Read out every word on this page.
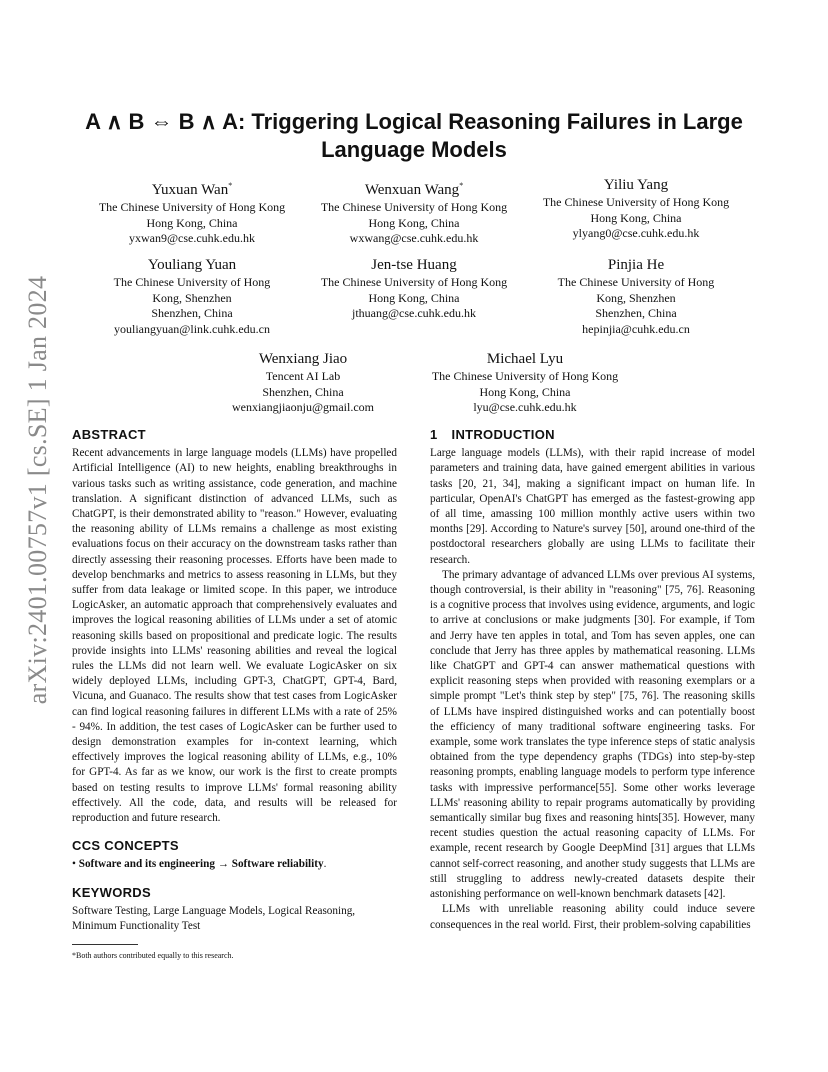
arXiv:2401.00757v1 [cs.SE] 1 Jan 2024
A ∧ B ⇔ B ∧ A: Triggering Logical Reasoning Failures in Large Language Models
Yuxuan Wan*
The Chinese University of Hong Kong
Hong Kong, China
yxwan9@cse.cuhk.edu.hk
Wenxuan Wang*
The Chinese University of Hong Kong
Hong Kong, China
wxwang@cse.cuhk.edu.hk
Yiliu Yang
The Chinese University of Hong Kong
Hong Kong, China
ylyang0@cse.cuhk.edu.hk
Youliang Yuan
The Chinese University of Hong Kong, Shenzhen
Shenzhen, China
youliangyuan@link.cuhk.edu.cn
Jen-tse Huang
The Chinese University of Hong Kong
Hong Kong, China
jthuang@cse.cuhk.edu.hk
Pinjia He
The Chinese University of Hong Kong, Shenzhen
Shenzhen, China
hepinjia@cuhk.edu.cn
Wenxiang Jiao
Tencent AI Lab
Shenzhen, China
wenxiangjiaonju@gmail.com
Michael Lyu
The Chinese University of Hong Kong
Hong Kong, China
lyu@cse.cuhk.edu.hk
ABSTRACT

Recent advancements in large language models (LLMs) have propelled Artificial Intelligence (AI) to new heights, enabling breakthroughs in various tasks such as writing assistance, code generation, and machine translation. A significant distinction of advanced LLMs, such as ChatGPT, is their demonstrated ability to "reason." However, evaluating the reasoning ability of LLMs remains a challenge as most existing evaluations focus on their accuracy on the downstream tasks rather than directly assessing their reasoning processes. Efforts have been made to develop benchmarks and metrics to assess reasoning in LLMs, but they suffer from data leakage or limited scope. In this paper, we introduce LogicAsker, an automatic approach that comprehensively evaluates and improves the logical reasoning abilities of LLMs under a set of atomic reasoning skills based on propositional and predicate logic. The results provide insights into LLMs' reasoning abilities and reveal the logical rules the LLMs did not learn well. We evaluate LogicAsker on six widely deployed LLMs, including GPT-3, ChatGPT, GPT-4, Bard, Vicuna, and Guanaco. The results show that test cases from LogicAsker can find logical reasoning failures in different LLMs with a rate of 25% - 94%. In addition, the test cases of LogicAsker can be further used to design demonstration examples for in-context learning, which effectively improves the logical reasoning ability of LLMs, e.g., 10% for GPT-4. As far as we know, our work is the first to create prompts based on testing results to improve LLMs' formal reasoning ability effectively. All the code, data, and results will be released for reproduction and future research.

CCS CONCEPTS

• Software and its engineering → Software reliability.

KEYWORDS

Software Testing, Large Language Models, Logical Reasoning, Minimum Functionality Test

*Both authors contributed equally to this research.
1 INTRODUCTION

Large language models (LLMs), with their rapid increase of model parameters and training data, have gained emergent abilities in various tasks [20, 21, 34], making a significant impact on human life. In particular, OpenAI's ChatGPT has emerged as the fastest-growing app of all time, amassing 100 million monthly active users within two months [29]. According to Nature's survey [50], around one-third of the postdoctoral researchers globally are using LLMs to facilitate their research.

The primary advantage of advanced LLMs over previous AI systems, though controversial, is their ability in "reasoning" [75, 76]. Reasoning is a cognitive process that involves using evidence, arguments, and logic to arrive at conclusions or make judgments [30]. For example, if Tom and Jerry have ten apples in total, and Tom has seven apples, one can conclude that Jerry has three apples by mathematical reasoning. LLMs like ChatGPT and GPT-4 can answer mathematical questions with explicit reasoning steps when provided with reasoning exemplars or a simple prompt "Let's think step by step" [75, 76]. The reasoning skills of LLMs have inspired distinguished works and can potentially boost the efficiency of many traditional software engineering tasks. For example, some work translates the type inference steps of static analysis obtained from the type dependency graphs (TDGs) into step-by-step reasoning prompts, enabling language models to perform type inference tasks with impressive performance[55]. Some other works leverage LLMs' reasoning ability to repair programs automatically by providing semantically similar bug fixes and reasoning hints[35]. However, many recent studies question the actual reasoning capacity of LLMs. For example, recent research by Google DeepMind [31] argues that LLMs cannot self-correct reasoning, and another study suggests that LLMs are still struggling to address newly-created datasets despite their astonishing performance on well-known benchmark datasets [42].

LLMs with unreliable reasoning ability could induce severe consequences in the real world. First, their problem-solving capabilities
